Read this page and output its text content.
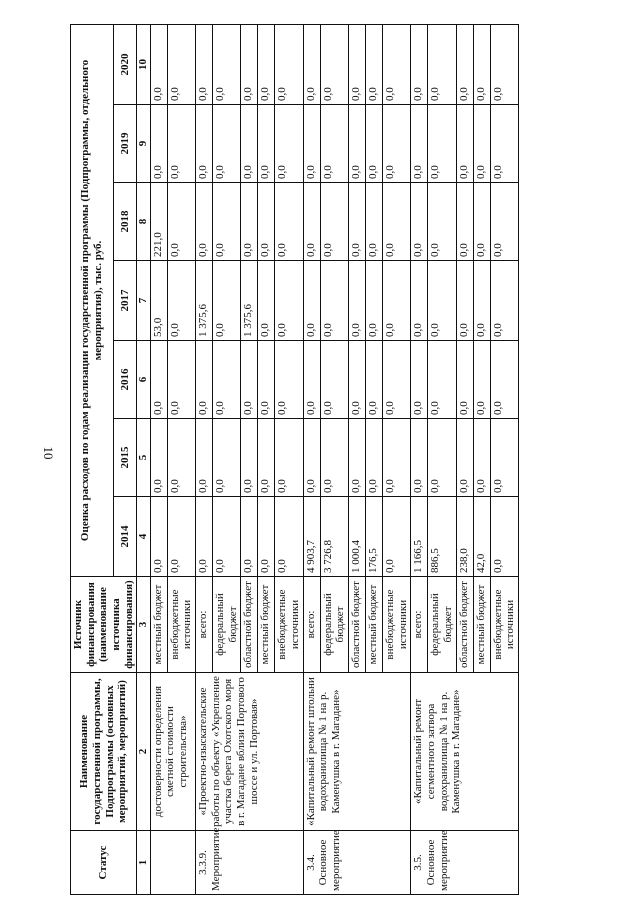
10
Статус	Наименование государственной программы, Подпрограммы (основных мероприятий, мероприятий)	Источник финансирования (наименование источника финансирования)	Оценка расходов по годам реализации государственной программы (Подпрограммы, отдельного мероприятия), тыс. руб.						
			2014	2015	2016	2017	2018	2019	2020
1	2	3	4	5	6	7	8	9	10
	достоверности определения сметной стоимости строительства»	местный бюджет	0,0	0,0	0,0	53,0	221,0	0,0	0,0
		внебюджетные источники	0,0	0,0	0,0	0,0	0,0	0,0	0,0
3.3.9. Мероприятие	«Проектно-изыскательские работы по объекту «Укрепление участка берега Охотского моря в г. Магадане вблизи Портового шоссе и ул. Портовая»	всего:	0,0	0,0	0,0	1 375,6	0,0	0,0	0,0
		федеральный бюджет	0,0	0,0	0,0	0,0	0,0	0,0	0,0
		областной бюджет	0,0	0,0	0,0	1 375,6	0,0	0,0	0,0
		местный бюджет	0,0	0,0	0,0	0,0	0,0	0,0	0,0
		внебюджетные источники	0,0	0,0	0,0	0,0	0,0	0,0	0,0
3.4. Основное мероприятие	«Капитальный ремонт штольни водохранилища № 1 на р. Каменушка в г. Магадане»	всего:	4 903,7	0,0	0,0	0,0	0,0	0,0	0,0
		федеральный бюджет	3 726,8	0,0	0,0	0,0	0,0	0,0	0,0
		областной бюджет	1 000,4	0,0	0,0	0,0	0,0	0,0	0,0
		местный бюджет	176,5	0,0	0,0	0,0	0,0	0,0	0,0
		внебюджетные источники	0,0	0,0	0,0	0,0	0,0	0,0	0,0
3.5. Основное мероприятие	«Капитальный ремонт сегментного затвора водохранилища № 1 на р. Каменушка в г. Магадане»	всего:	1 166,5	0,0	0,0	0,0	0,0	0,0	0,0
		федеральный бюджет	886,5	0,0	0,0	0,0	0,0	0,0	0,0
		областной бюджет	238,0	0,0	0,0	0,0	0,0	0,0	0,0
		местный бюджет	42,0	0,0	0,0	0,0	0,0	0,0	0,0
		внебюджетные источники	0,0	0,0	0,0	0,0	0,0	0,0	0,0
